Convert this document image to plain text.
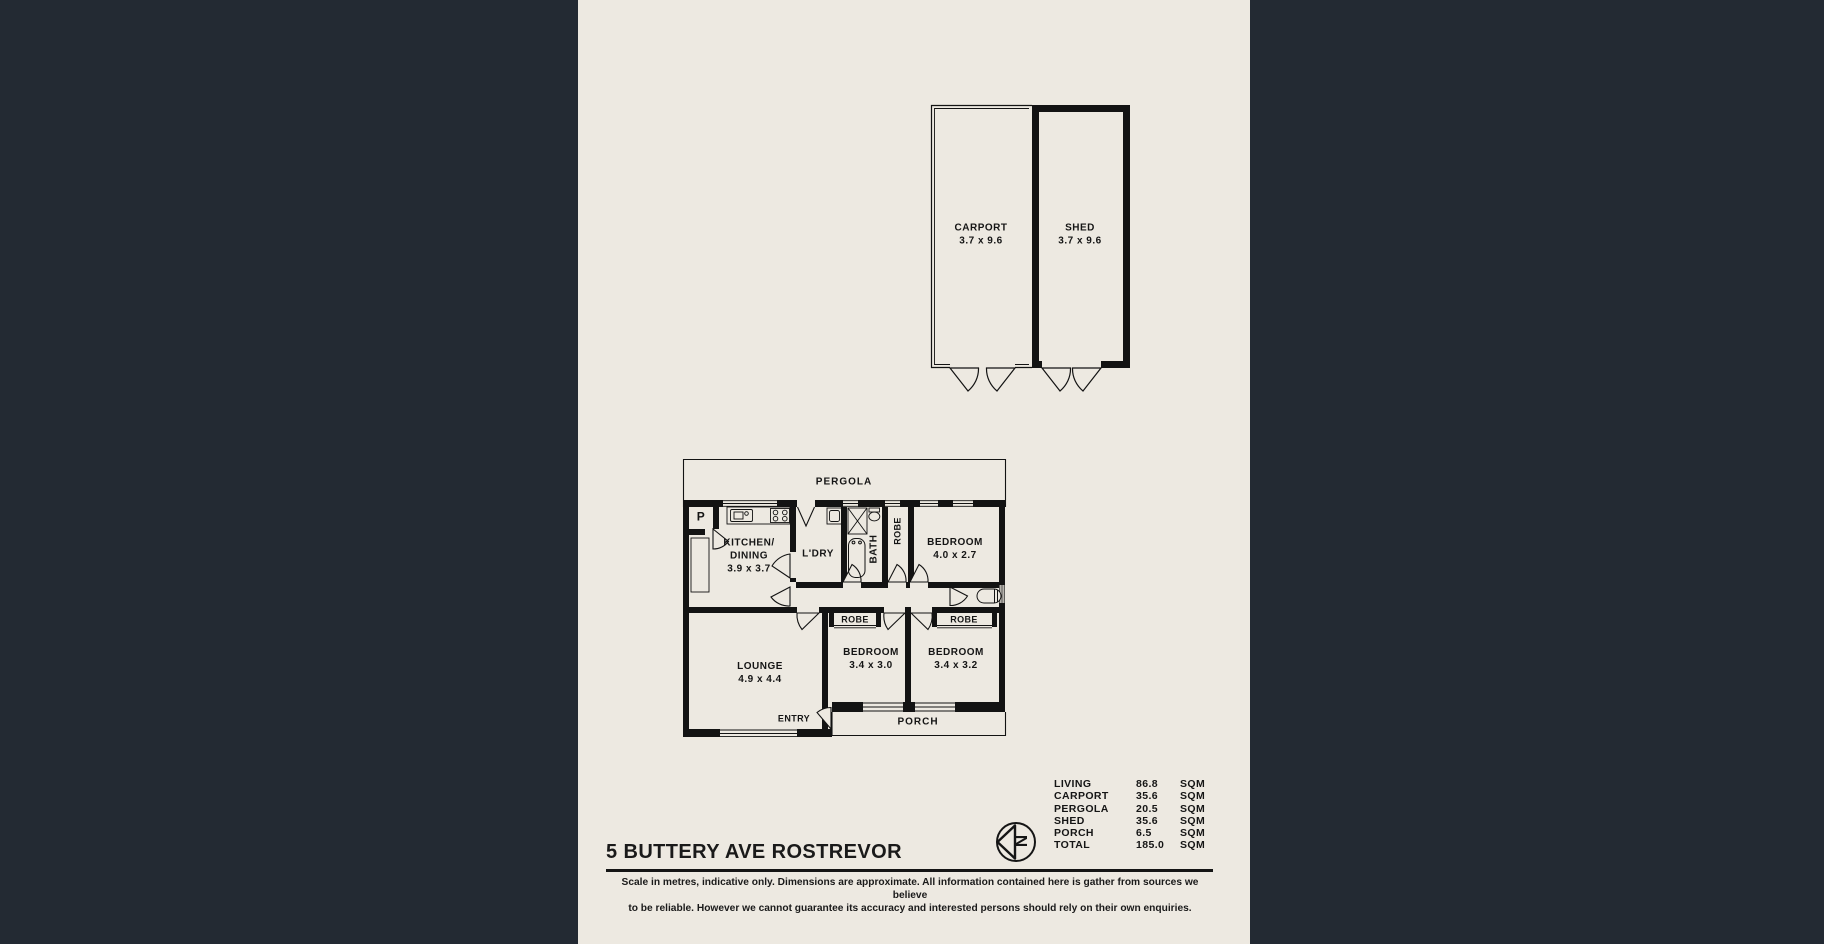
PERGOLA
CARPORT
3.7 x 9.6
SHED
3.7 x 9.6
P
KITCHEN/
DINING
3.9 x 3.7
L'DRY	BATH
ROBE BEDROOM
4.0 x 2.7
LOUNGE
4.9 x 4.4
BEDROOM
3.4 x 3.0
BEDROOM
3.4 x 3.2
ROBE	ROBE
ENTRY	PORCH
5 BUTTERY AVE ROSTREVOR	N
LIVING	86.8 SQM
CARPORT	35.6 SQM
PERGOLA	20.5 SQM
SHED	35.6 SQM
PORCH	6.5	SQM
TOTAL	185.0 SQM
Scale in metres, indicative only. Dimensions are approximate. All information contained here is gather from sources we believe
to be reliable. However we cannot guarantee its accuracy and interested persons should rely on their own enquiries.
